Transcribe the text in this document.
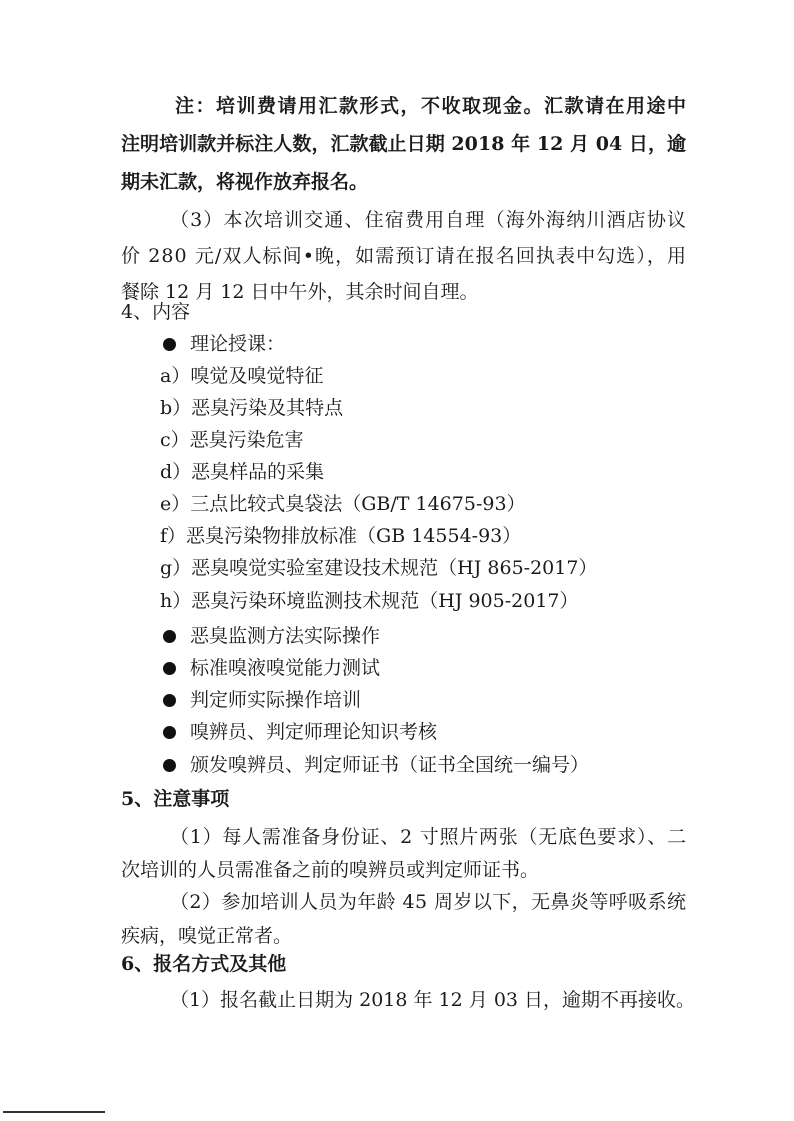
注：培训费请用汇款形式，不收取现金。汇款请在用途中
注明培训款并标注人数，汇款截止日期 2018 年 12 月 04 日，逾
期未汇款，将视作放弃报名。
（3）本次培训交通、住宿费用自理（海外海纳川酒店协议
价 280 元/双人标间•晚，如需预订请在报名回执表中勾选），用
餐除 12 月 12 日中午外，其余时间自理。
4、内容
理论授课：
a）嗅觉及嗅觉特征
b）恶臭污染及其特点
c）恶臭污染危害
d）恶臭样品的采集
e）三点比较式臭袋法（GB/T 14675-93）
f）恶臭污染物排放标准（GB 14554-93）
g）恶臭嗅觉实验室建设技术规范（HJ 865-2017）
h）恶臭污染环境监测技术规范（HJ 905-2017）
恶臭监测方法实际操作
标准嗅液嗅觉能力测试
判定师实际操作培训
嗅辨员、判定师理论知识考核
颁发嗅辨员、判定师证书（证书全国统一编号）
5、注意事项
（1）每人需准备身份证、2 寸照片两张（无底色要求）、二
次培训的人员需准备之前的嗅辨员或判定师证书。
（2）参加培训人员为年龄 45 周岁以下，无鼻炎等呼吸系统
疾病，嗅觉正常者。
6、报名方式及其他
（1）报名截止日期为 2018 年 12 月 03 日，逾期不再接收。
